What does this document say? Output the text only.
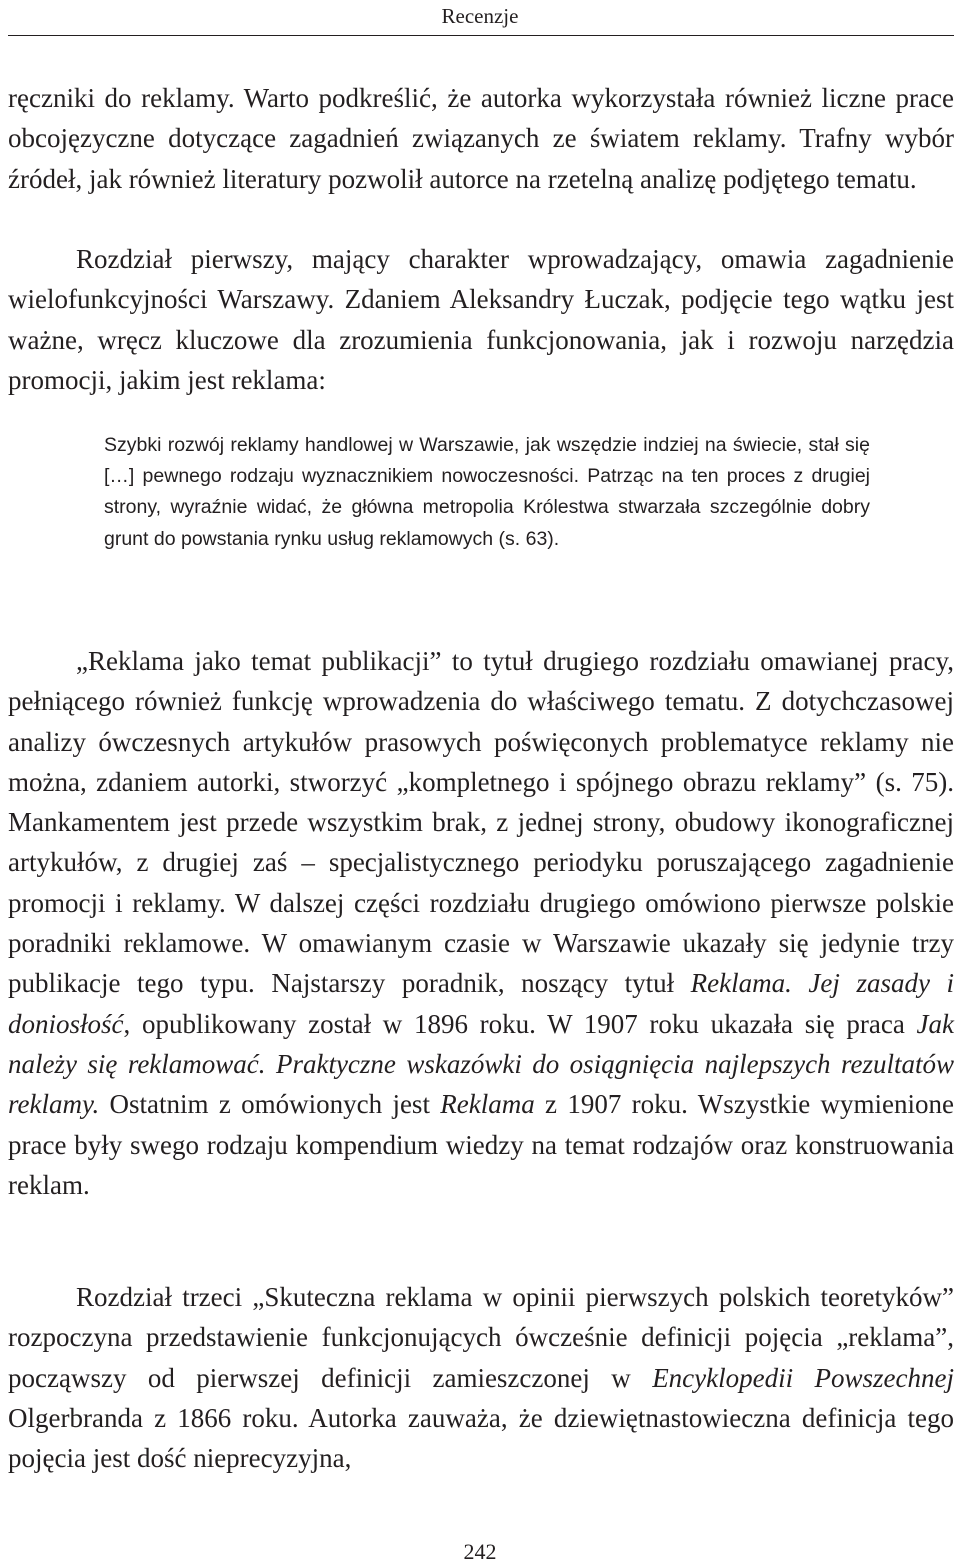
Recenzje

ręczniki do reklamy. Warto podkreślić, że autorka wykorzystała również liczne prace obcojęzyczne dotyczące zagadnień związanych ze światem reklamy. Trafny wybór źródeł, jak również literatury pozwolił autorce na rzetelną analizę podjętego tematu.

Rozdział pierwszy, mający charakter wprowadzający, omawia zagadnienie wielofunkcyjności Warszawy. Zdaniem Aleksandry Łuczak, podjęcie tego wątku jest ważne, wręcz kluczowe dla zrozumienia funkcjonowania, jak i rozwoju narzędzia promocji, jakim jest reklama:

Szybki rozwój reklamy handlowej w Warszawie, jak wszędzie indziej na świecie, stał się […] pewnego rodzaju wyznacznikiem nowoczesności. Patrząc na ten proces z drugiej strony, wyraźnie widać, że główna metropolia Królestwa stwarzała szczególnie dobry grunt do powstania rynku usług reklamowych (s. 63).

„Reklama jako temat publikacji” to tytuł drugiego rozdziału omawianej pracy, pełniącego również funkcję wprowadzenia do właściwego tematu. Z dotychczasowej analizy ówczesnych artykułów prasowych poświęconych problematyce reklamy nie można, zdaniem autorki, stworzyć „kompletnego i spójnego obrazu reklamy” (s. 75). Mankamentem jest przede wszystkim brak, z jednej strony, obudowy ikonograficznej artykułów, z drugiej zaś – specjalistycznego periodyku poruszającego zagadnienie promocji i reklamy. W dalszej części rozdziału drugiego omówiono pierwsze polskie poradniki reklamowe. W omawianym czasie w Warszawie ukazały się jedynie trzy publikacje tego typu. Najstarszy poradnik, noszący tytuł Reklama. Jej zasady i doniosłość, opublikowany został w 1896 roku. W 1907 roku ukazała się praca Jak należy się reklamować. Praktyczne wskazówki do osiągnięcia najlepszych rezultatów reklamy. Ostatnim z omówionych jest Reklama z 1907 roku. Wszystkie wymienione prace były swego rodzaju kompendium wiedzy na temat rodzajów oraz konstruowania reklam.

Rozdział trzeci „Skuteczna reklama w opinii pierwszych polskich teoretyków” rozpoczyna przedstawienie funkcjonujących ówcześnie definicji pojęcia „reklama”, począwszy od pierwszej definicji zamieszczonej w Encyklopedii Powszechnej Olgerbranda z 1866 roku. Autorka zauważa, że dziewiętnastowieczna definicja tego pojęcia jest dość nieprecyzyjna,

242
